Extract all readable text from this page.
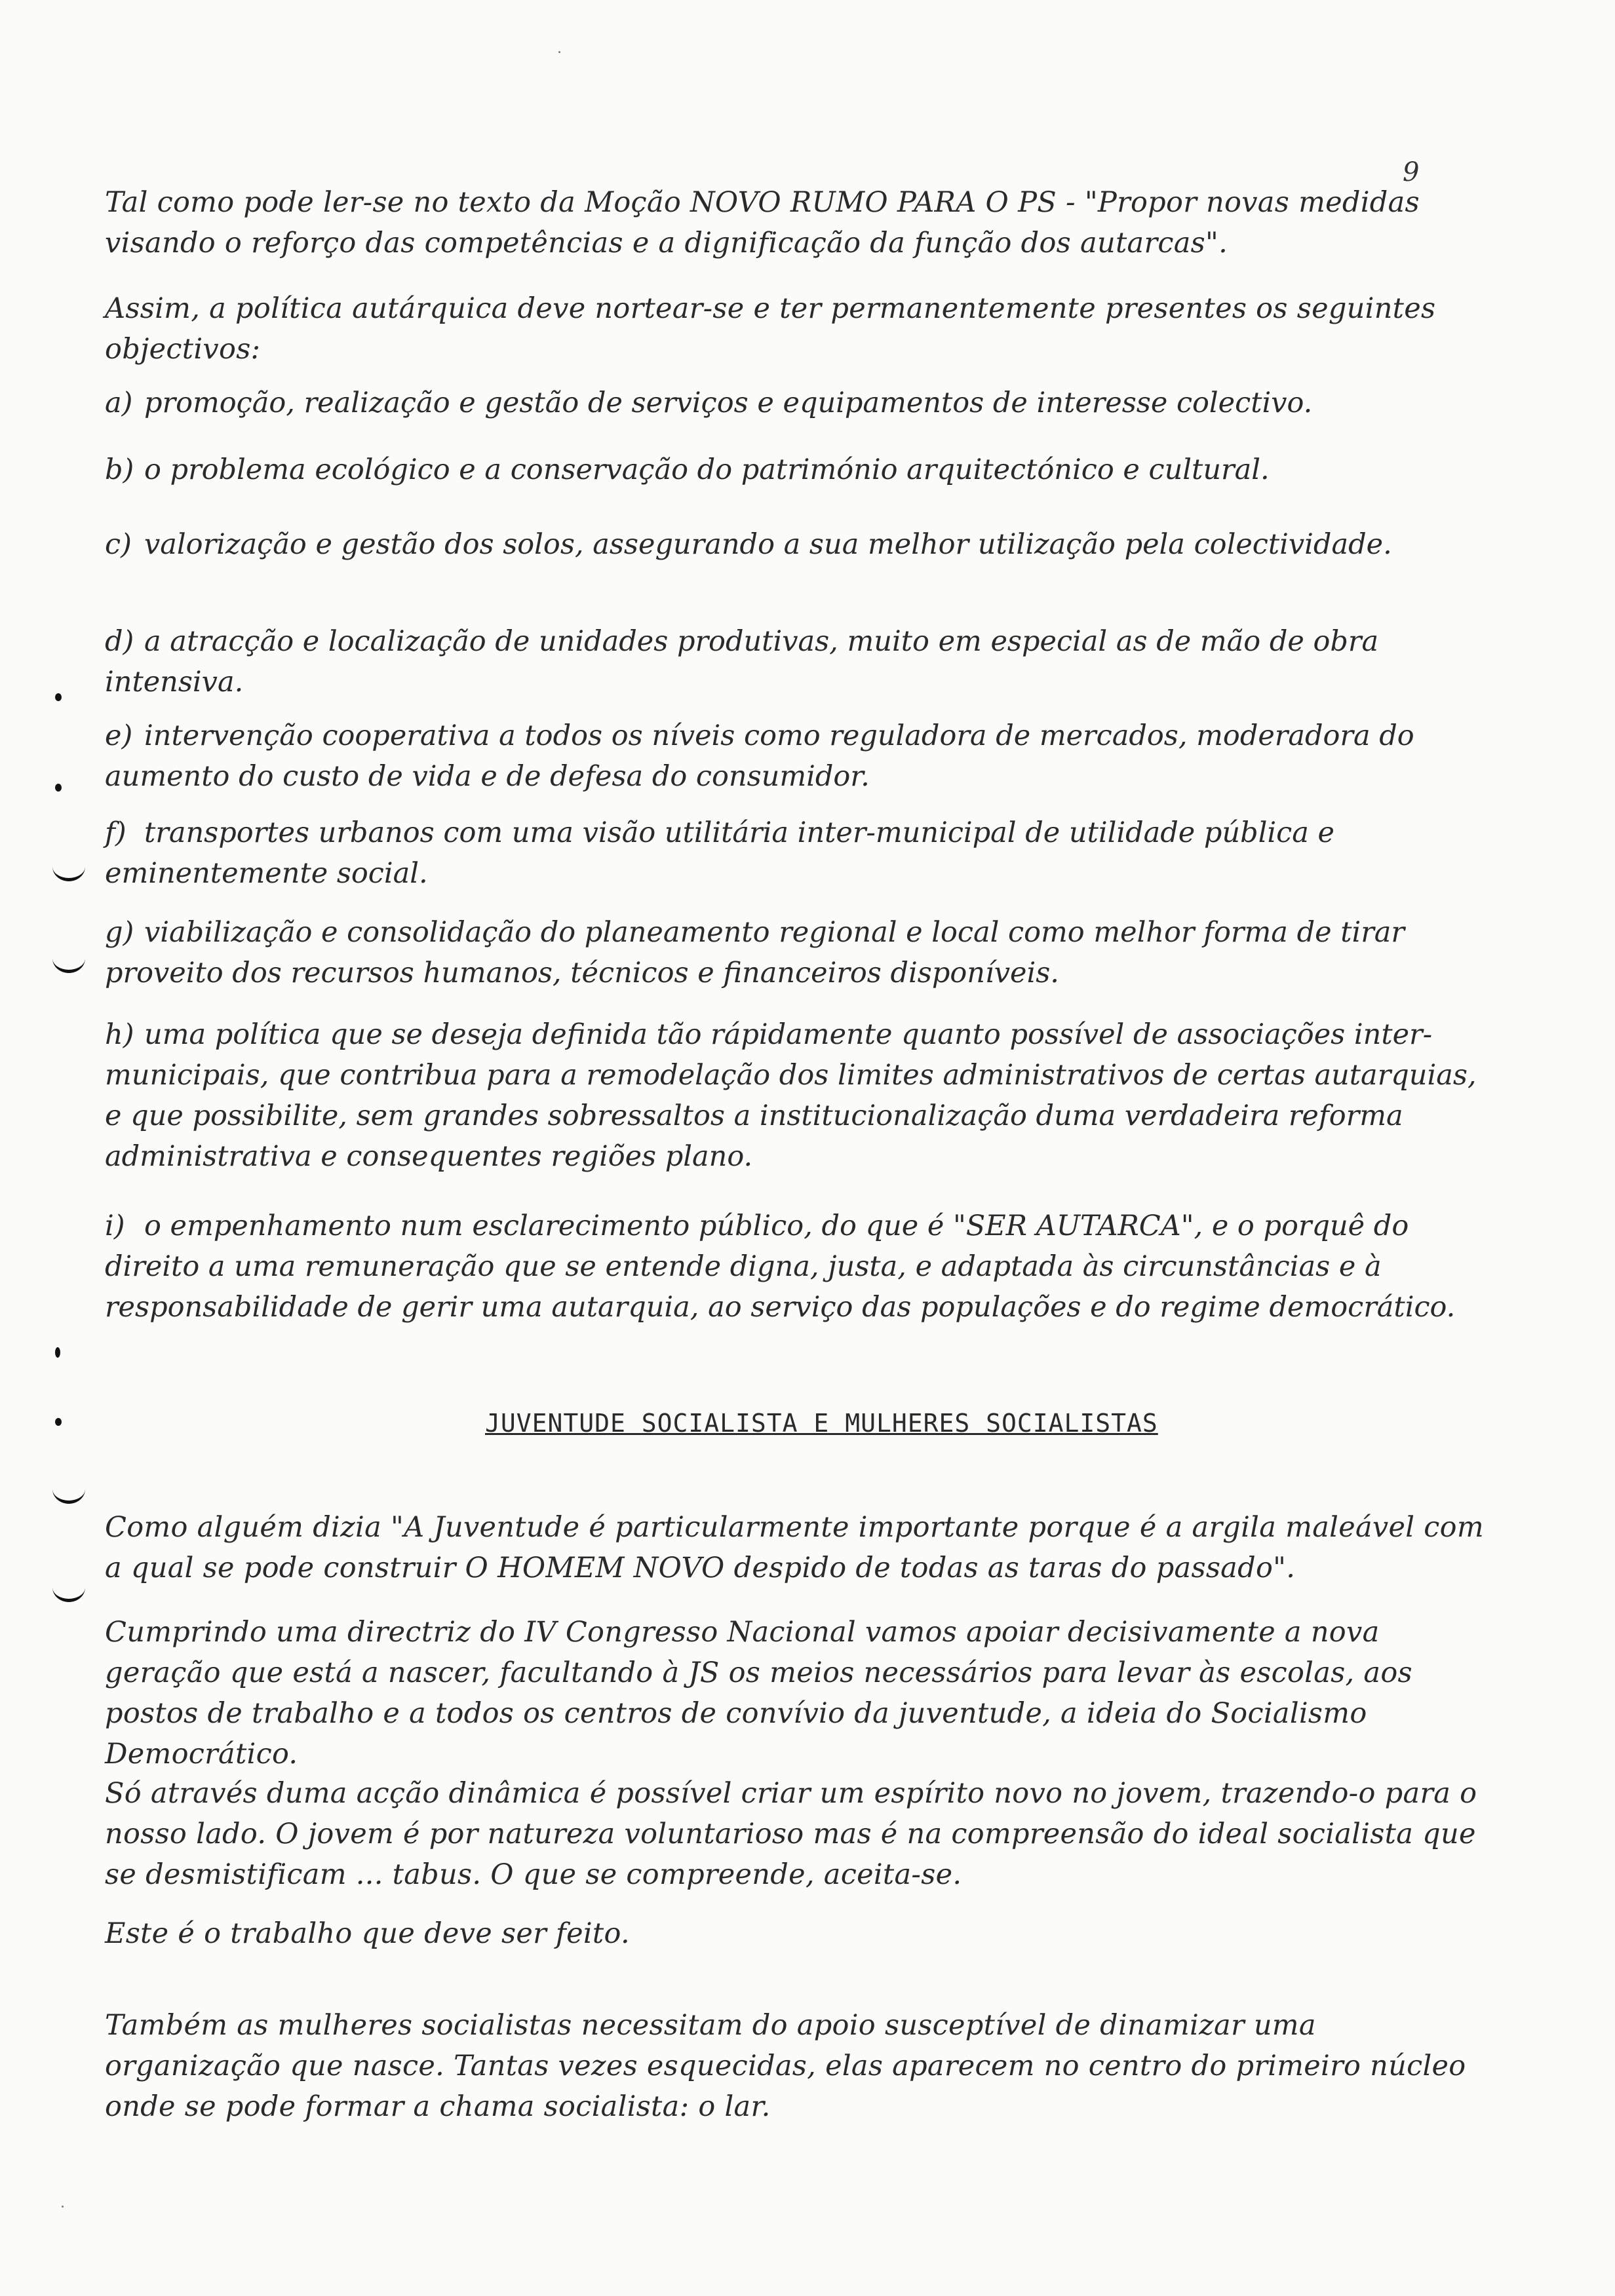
9
Tal como pode ler-se no texto da Moção NOVO RUMO PARA O PS - "Propor novas medidas visando o reforço das competências e a dignificação da função dos autarcas".
Assim, a política autárquica deve nortear-se e ter permanentemente presentes os seguintes objectivos:
a) promoção, realização e gestão de serviços e equipamentos de interesse colectivo.
b) o problema ecológico e a conservação do património arquitectónico e cultural.
c) valorização e gestão dos solos, assegurando a sua melhor utilização pela colectividade.
d) a atracção e localização de unidades produtivas, muito em especial as de mão de obra intensiva.
e) intervenção cooperativa a todos os níveis como reguladora de mercados, moderadora do aumento do custo de vida e de defesa do consumidor.
f) transportes urbanos com uma visão utilitária inter-municipal de utilidade pública e eminentemente social.
g) viabilização e consolidação do planeamento regional e local como melhor forma de tirar proveito dos recursos humanos, técnicos e financeiros disponíveis.
h) uma política que se deseja definida tão rápidamente quanto possível de associações inter-municipais, que contribua para a remodelação dos limites administrativos de certas autarquias, e que possibilite, sem grandes sobressaltos a institucionalização duma verdadeira reforma administrativa e consequentes regiões plano.
i) o empenhamento num esclarecimento público, do que é "SER AUTARCA", e o porquê do direito a uma remuneração que se entende digna, justa, e adaptada às circunstâncias e à responsabilidade de gerir uma autarquia, ao serviço das populações e do regime democrático.
JUVENTUDE SOCIALISTA E MULHERES SOCIALISTAS
Como alguém dizia "A Juventude é particularmente importante porque é a argila maleável com a qual se pode construir O HOMEM NOVO despido de todas as taras do passado".
Cumprindo uma directriz do IV Congresso Nacional vamos apoiar decisivamente a nova geração que está a nascer, facultando à JS os meios necessários para levar às escolas, aos postos de trabalho e a todos os centros de convívio da juventude, a ideia do Socialismo Democrático.
Só através duma acção dinâmica é possível criar um espírito novo no jovem, trazendo-o para o nosso lado. O jovem é por natureza voluntarioso mas é na compreensão do ideal socialista que se desmistificam ... tabus. O que se compreende, aceita-se.
Este é o trabalho que deve ser feito.
Também as mulheres socialistas necessitam do apoio susceptível de dinamizar uma organização que nasce. Tantas vezes esquecidas, elas aparecem no centro do primeiro núcleo onde se pode formar a chama socialista: o lar.
